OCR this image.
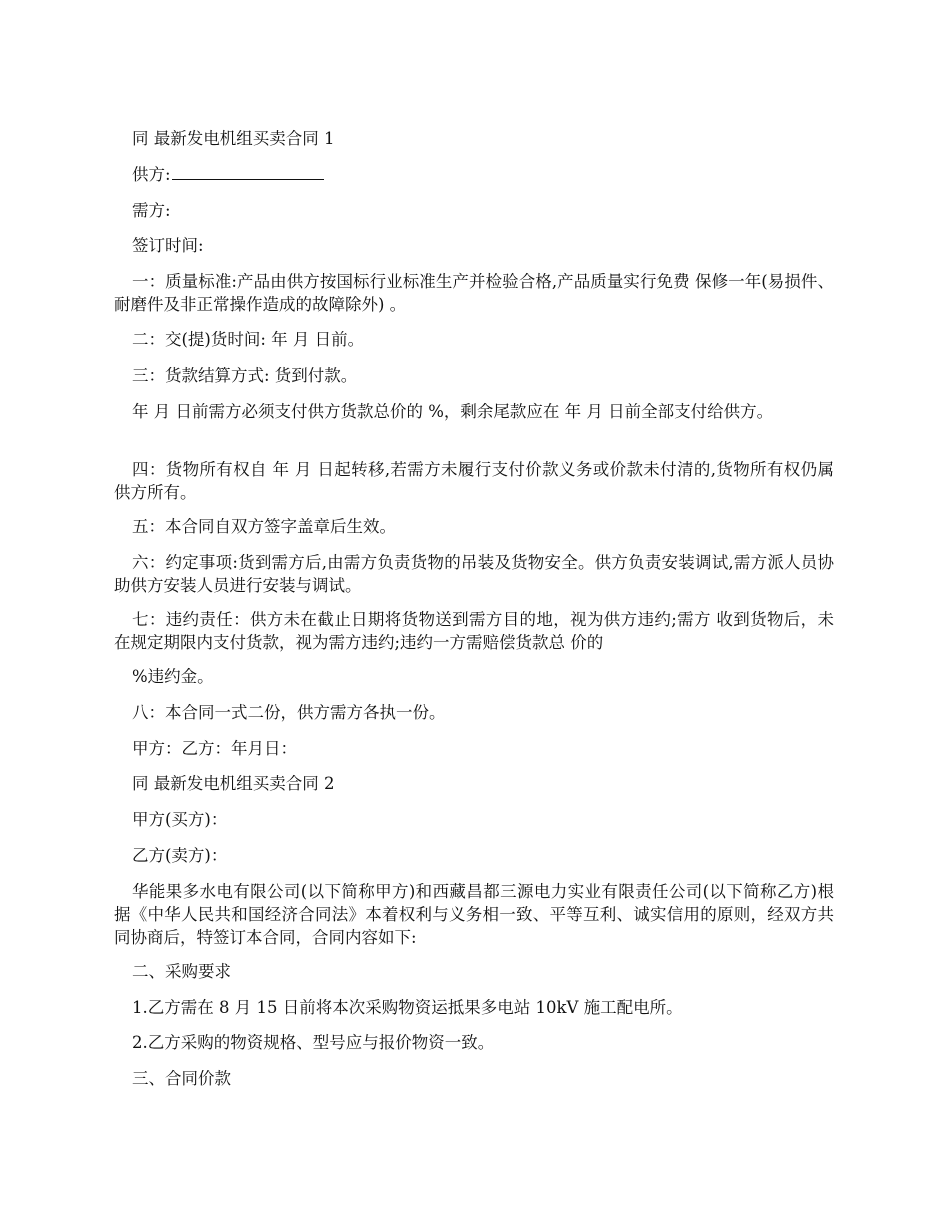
同 最新发电机组买卖合同 1

供方:

需方:

签订时间:

一：质量标准:产品由供方按国标行业标准生产并检验合格,产品质量实行免费 保修一年(易损件、耐磨件及非正常操作造成的故障除外) 。

二：交(提)货时间: 年 月 日前。

三：货款结算方式: 货到付款。

年 月 日前需方必须支付供方货款总价的 %，剩余尾款应在 年 月 日前全部支付给供方。

四：货物所有权自 年 月 日起转移,若需方未履行支付价款义务或价款未付清的,货物所有权仍属供方所有。

五：本合同自双方签字盖章后生效。

六：约定事项:货到需方后,由需方负责货物的吊装及货物安全。供方负责安装调试,需方派人员协助供方安装人员进行安装与调试。

七：违约责任：供方未在截止日期将货物送到需方目的地，视为供方违约;需方 收到货物后，未在规定期限内支付货款，视为需方违约;违约一方需赔偿货款总 价的

%违约金。

八：本合同一式二份，供方需方各执一份。

甲方：乙方：年月日：

同 最新发电机组买卖合同 2

甲方(买方)：

乙方(卖方)：

华能果多水电有限公司(以下简称甲方)和西藏昌都三源电力实业有限责任公司(以下简称乙方)根据《中华人民共和国经济合同法》本着权利与义务相一致、平等互利、诚实信用的原则，经双方共同协商后，特签订本合同，合同内容如下:

二、采购要求

1.乙方需在 8 月 15 日前将本次采购物资运抵果多电站 10kV 施工配电所。

2.乙方采购的物资规格、型号应与报价物资一致。

三、合同价款
